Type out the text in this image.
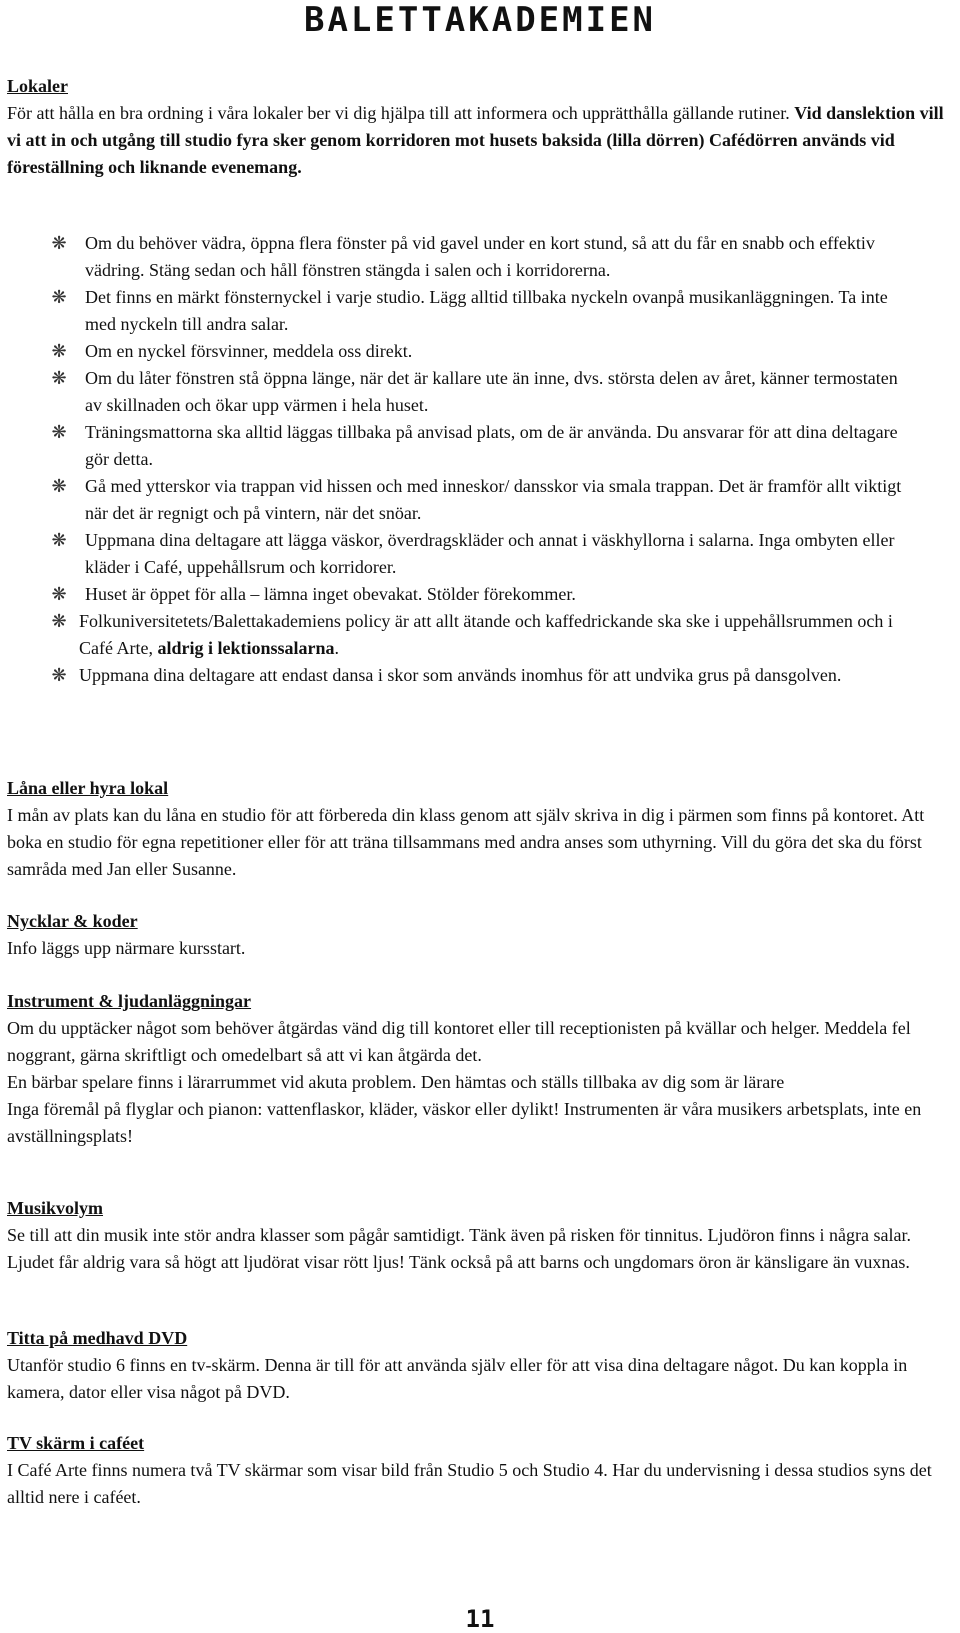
BALETTAKADEMIEN

Lokaler

För att hålla en bra ordning i våra lokaler ber vi dig hjälpa till att informera och upprätthålla gällande rutiner. Vid danslektion vill vi att in och utgång till studio fyra sker genom korridoren mot husets baksida (lilla dörren) Cafédörren används vid föreställning och liknande evenemang.

❋ Om du behöver vädra, öppna flera fönster på vid gavel under en kort stund, så att du får en snabb och effektiv vädring. Stäng sedan och håll fönstren stängda i salen och i korridorerna.
❋ Det finns en märkt fönsternyckel i varje studio. Lägg alltid tillbaka nyckeln ovanpå musikanläggningen. Ta inte med nyckeln till andra salar.
❋ Om en nyckel försvinner, meddela oss direkt.
❋ Om du låter fönstren stå öppna länge, när det är kallare ute än inne, dvs. största delen av året, känner termostaten av skillnaden och ökar upp värmen i hela huset.
❋ Träningsmattorna ska alltid läggas tillbaka på anvisad plats, om de är använda. Du ansvarar för att dina deltagare gör detta.
❋ Gå med ytterskor via trappan vid hissen och med inneskor/ dansskor via smala trappan. Det är framför allt viktigt när det är regnigt och på vintern, när det snöar.
❋ Uppmana dina deltagare att lägga väskor, överdragskläder och annat i väskhyllorna i salarna. Inga ombyten eller kläder i Café, uppehållsrum och korridorer.
❋ Huset är öppet för alla – lämna inget obevakat. Stölder förekommer.
❋ Folkuniversitetets/Balettakademiens policy är att allt ätande och kaffedrickande ska ske i uppehållsrummen och i Café Arte, aldrig i lektionssalarna.
❋ Uppmana dina deltagare att endast dansa i skor som används inomhus för att undvika grus på dansgolven.

Låna eller hyra lokal

I mån av plats kan du låna en studio för att förbereda din klass genom att själv skriva in dig i pärmen som finns på kontoret. Att boka en studio för egna repetitioner eller för att träna tillsammans med andra anses som uthyrning. Vill du göra det ska du först samråda med Jan eller Susanne.

Nycklar & koder

Info läggs upp närmare kursstart.

Instrument & ljudanläggningar

Om du upptäcker något som behöver åtgärdas vänd dig till kontoret eller till receptionisten på kvällar och helger. Meddela fel noggrant, gärna skriftligt och omedelbart så att vi kan åtgärda det.

En bärbar spelare finns i lärarrummet vid akuta problem. Den hämtas och ställs tillbaka av dig som är lärare

Inga föremål på flyglar och pianon: vattenflaskor, kläder, väskor eller dylikt! Instrumenten är våra musikers arbetsplats, inte en avställningsplats!

Musikvolym

Se till att din musik inte stör andra klasser som pågår samtidigt. Tänk även på risken för tinnitus. Ljudöron finns i några salar. Ljudet får aldrig vara så högt att ljudörat visar rött ljus! Tänk också på att barns och ungdomars öron är känsligare än vuxnas.

Titta på medhavd DVD

Utanför studio 6 finns en tv-skärm. Denna är till för att använda själv eller för att visa dina deltagare något. Du kan koppla in kamera, dator eller visa något på DVD.

TV skärm i caféet

I Café Arte finns numera två TV skärmar som visar bild från Studio 5 och Studio 4. Har du undervisning i dessa studios syns det alltid nere i caféet.

11
